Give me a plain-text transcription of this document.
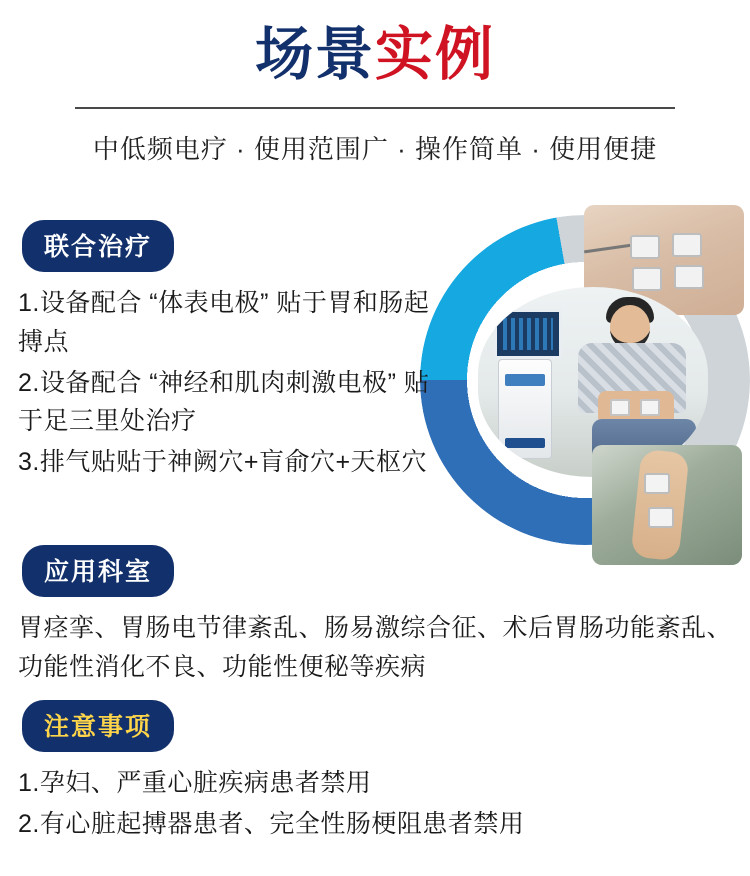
场景实例
中低频电疗 · 使用范围广 · 操作简单 · 使用便捷
联合治疗

1.设备配合 “体表电极” 贴于胃和肠起搏点

2.设备配合 “神经和肌肉刺激电极” 贴于足三里处治疗

3.排气贴贴于神阙穴+肓俞穴+天枢穴

应用科室

胃痉挛、胃肠电节律紊乱、肠易激综合征、术后胃肠功能紊乱、功能性消化不良、功能性便秘等疾病

注意事项

1.孕妇、严重心脏疾病患者禁用

2.有心脏起搏器患者、完全性肠梗阻患者禁用
